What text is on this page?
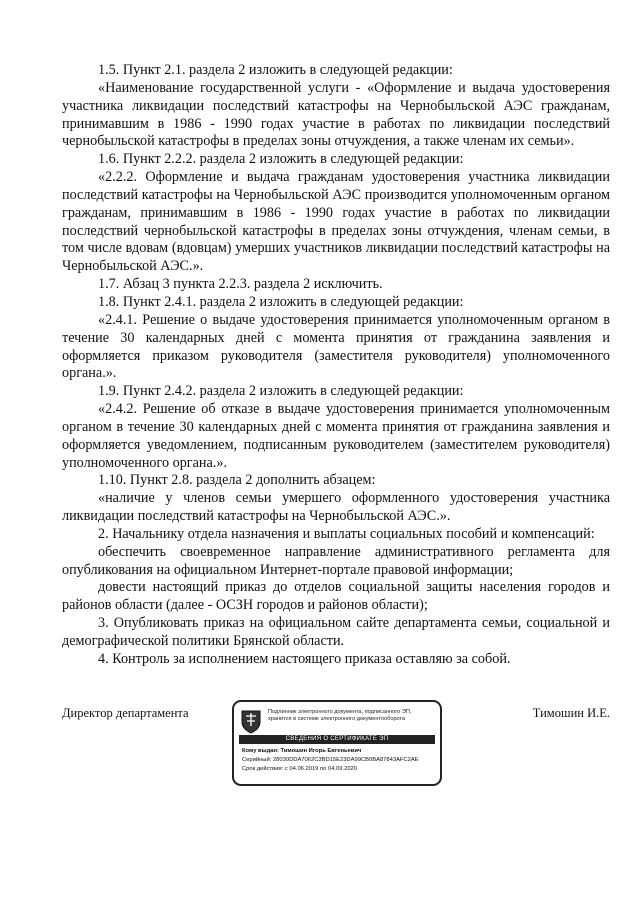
1.5. Пункт 2.1. раздела 2 изложить в следующей редакции:

«Наименование государственной услуги - «Оформление и выдача удостоверения участника ликвидации последствий катастрофы на Чернобыльской АЭС гражданам, принимавшим в 1986 - 1990 годах участие в работах по ликвидации последствий чернобыльской катастрофы в пределах зоны отчуждения, а также членам их семьи».

1.6. Пункт 2.2.2. раздела 2 изложить в следующей редакции:

«2.2.2. Оформление и выдача гражданам удостоверения участника ликвидации последствий катастрофы на Чернобыльской АЭС производится уполномоченным органом гражданам, принимавшим в 1986 - 1990 годах участие в работах по ликвидации последствий чернобыльской катастрофы в пределах зоны отчуждения, членам семьи, в том числе вдовам (вдовцам) умерших участников ликвидации последствий катастрофы на Чернобыльской АЭС.».

1.7. Абзац 3 пункта 2.2.3. раздела 2 исключить.

1.8. Пункт 2.4.1. раздела 2 изложить в следующей редакции:

«2.4.1. Решение о выдаче удостоверения принимается уполномоченным органом в течение 30 календарных дней с момента принятия от гражданина заявления и оформляется приказом руководителя (заместителя руководителя) уполномоченного органа.».

1.9. Пункт 2.4.2. раздела 2 изложить в следующей редакции:

«2.4.2. Решение об отказе в выдаче удостоверения принимается уполномоченным органом в течение 30 календарных дней с момента принятия от гражданина заявления и оформляется уведомлением, подписанным руководителем (заместителем руководителя) уполномоченного органа.».

1.10. Пункт 2.8. раздела 2 дополнить абзацем:

«наличие у членов семьи умершего оформленного удостоверения участника ликвидации последствий катастрофы на Чернобыльской АЭС.».

2. Начальнику отдела назначения и выплаты социальных пособий и компенсаций:

обеспечить своевременное направление административного регламента для опубликования на официальном Интернет-портале правовой информации;

довести настоящий приказ до отделов социальной защиты населения городов и районов области (далее - ОСЗН городов и районов области);

3. Опубликовать приказ на официальном сайте департамента семьи, социальной и демографической политики Брянской области.

4. Контроль за исполнением настоящего приказа оставляю за собой.

Директор департамента	Подлинник электронного документа, подписанного ЭП, хранится в системе электронного документооборота
СВЕДЕНИЯ О СЕРТИФИКАТЕ ЭП
Кому выдан: Тимошин Игорь Евгеньевич
Серийный: 28030DDA7062C3BD15E23DA99CB0BA87843AFC2AE
Срок действия: с 04.06.2019 по 04.09.2020
Тимошин И.Е.
